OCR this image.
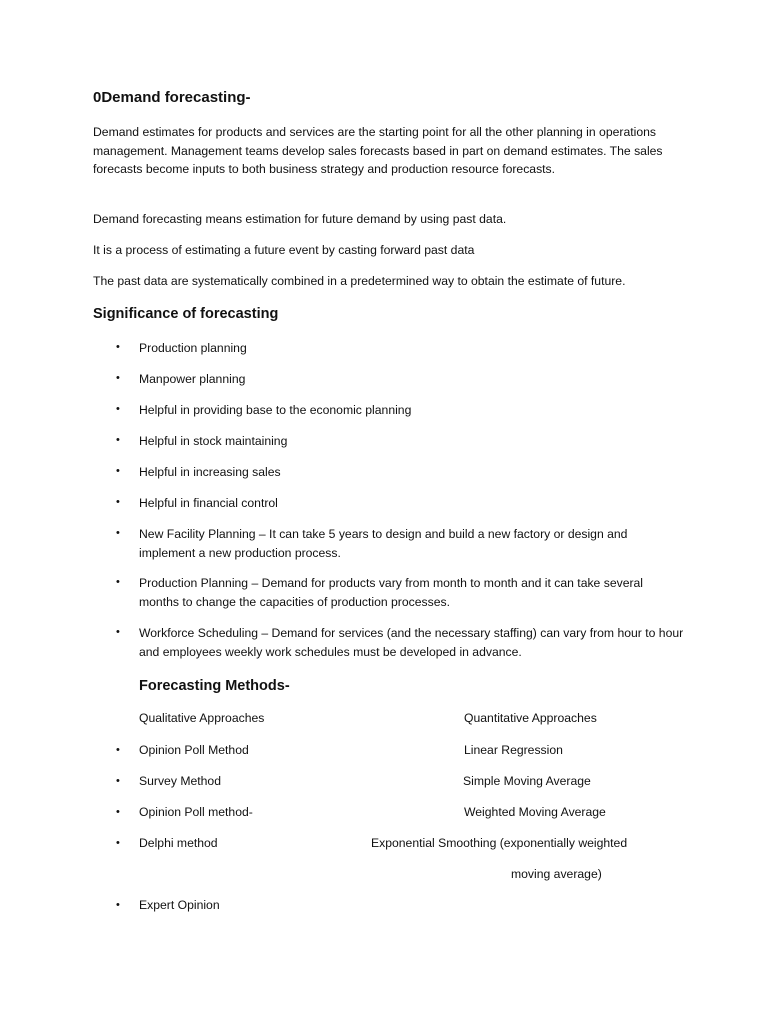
0Demand forecasting-
Demand estimates for products and services are the starting point for all the other planning in operations management. Management teams develop sales forecasts based in part on demand estimates. The sales forecasts become inputs to both business strategy and production resource forecasts.
Demand forecasting means estimation for future demand by using past data.
It is a process of estimating a future event by casting forward past data
The past data are systematically combined in a predetermined way to obtain the estimate of future.
Significance of forecasting
• Production planning
• Manpower planning
• Helpful in providing base to the economic planning
• Helpful in stock maintaining
• Helpful in increasing sales
• Helpful in financial control
• New Facility Planning – It can take 5 years to design and build a new factory or design and implement a new production process.
• Production Planning – Demand for products vary from month to month and it can take several months to change the capacities of production processes.
• Workforce Scheduling – Demand for services (and the necessary staffing) can vary from hour to hour and employees weekly work schedules must be developed in advance.
Forecasting Methods-
Qualitative Approaches	Quantitative Approaches
• Opinion Poll Method	Linear Regression
• Survey Method	Simple Moving Average
• Opinion Poll method-	Weighted Moving Average
• Delphi method	Exponential Smoothing (exponentially weighted
moving average)
• Expert Opinion
